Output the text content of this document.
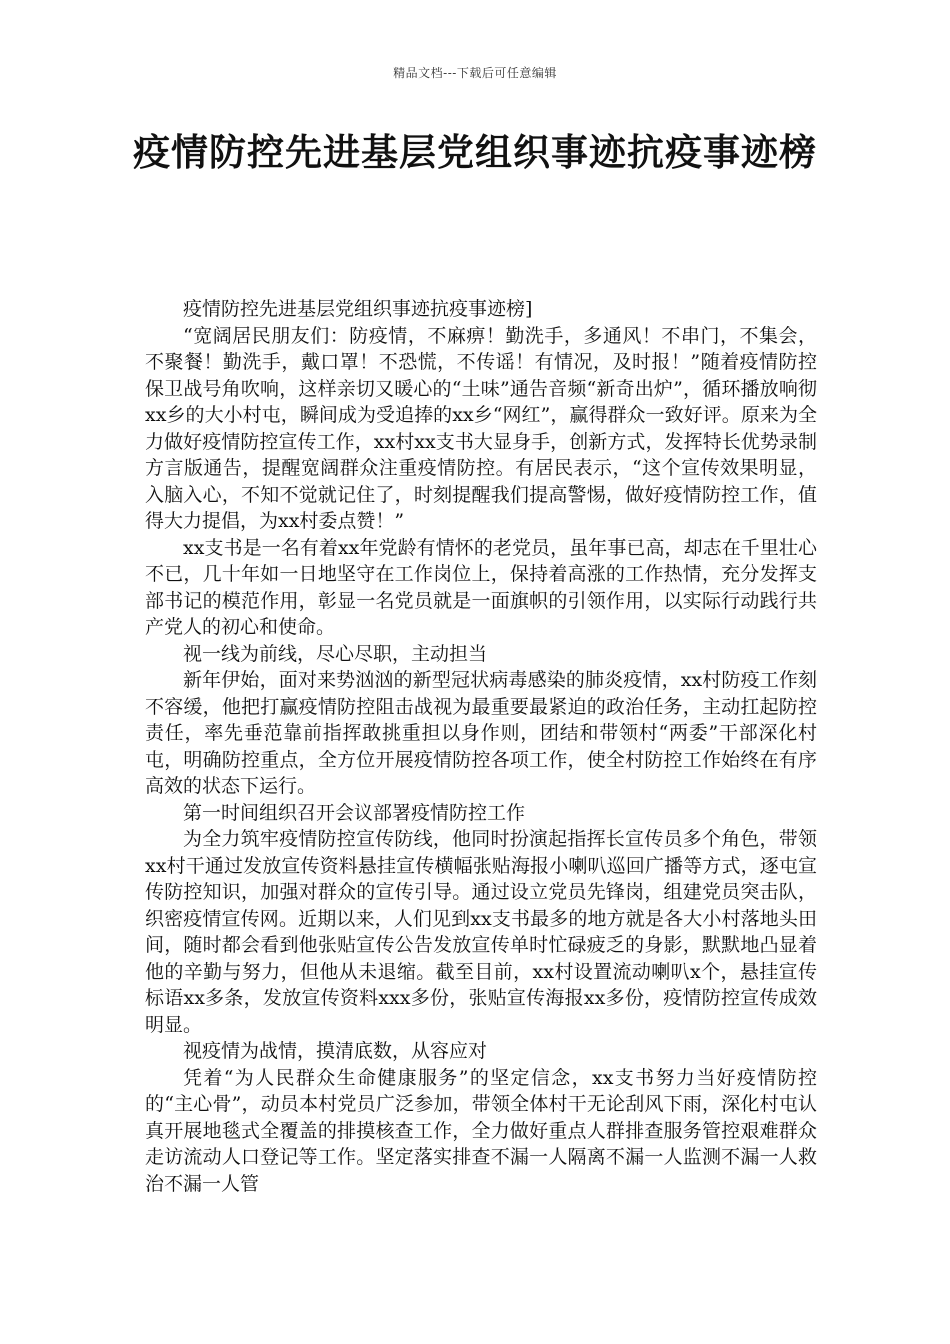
精品文档---下载后可任意编辑
疫情防控先进基层党组织事迹抗疫事迹榜

疫情防控先进基层党组织事迹抗疫事迹榜]

“宽阔居民朋友们：防疫情，不麻痹！勤洗手，多通风！不串门，不集会，不聚餐！勤洗手，戴口罩！不恐慌，不传谣！有情况，及时报！”随着疫情防控保卫战号角吹响，这样亲切又暖心的“土味”通告音频“新奇出炉”，循环播放响彻xx乡的大小村屯，瞬间成为受追捧的xx乡“网红”，赢得群众一致好评。原来为全力做好疫情防控宣传工作，xx村xx支书大显身手，创新方式，发挥特长优势录制方言版通告，提醒宽阔群众注重疫情防控。有居民表示，“这个宣传效果明显，入脑入心，不知不觉就记住了，时刻提醒我们提高警惕，做好疫情防控工作，值得大力提倡，为xx村委点赞！”

xx支书是一名有着xx年党龄有情怀的老党员，虽年事已高，却志在千里壮心不已，几十年如一日地坚守在工作岗位上，保持着高涨的工作热情，充分发挥支部书记的模范作用，彰显一名党员就是一面旗帜的引领作用，以实际行动践行共产党人的初心和使命。

视一线为前线，尽心尽职，主动担当

新年伊始，面对来势汹汹的新型冠状病毒感染的肺炎疫情，xx村防疫工作刻不容缓，他把打赢疫情防控阻击战视为最重要最紧迫的政治任务，主动扛起防控责任，率先垂范靠前指挥敢挑重担以身作则，团结和带领村“两委”干部深化村屯，明确防控重点，全方位开展疫情防控各项工作，使全村防控工作始终在有序高效的状态下运行。

第一时间组织召开会议部署疫情防控工作

为全力筑牢疫情防控宣传防线，他同时扮演起指挥长宣传员多个角色，带领xx村干通过发放宣传资料悬挂宣传横幅张贴海报小喇叭巡回广播等方式，逐屯宣传防控知识，加强对群众的宣传引导。通过设立党员先锋岗，组建党员突击队，织密疫情宣传网。近期以来，人们见到xx支书最多的地方就是各大小村落地头田间，随时都会看到他张贴宣传公告发放宣传单时忙碌疲乏的身影，默默地凸显着他的辛勤与努力，但他从未退缩。截至目前，xx村设置流动喇叭x个，悬挂宣传标语xx多条，发放宣传资料xxx多份，张贴宣传海报xx多份，疫情防控宣传成效明显。

视疫情为战情，摸清底数，从容应对

凭着“为人民群众生命健康服务”的坚定信念，xx支书努力当好疫情防控的“主心骨”，动员本村党员广泛参加，带领全体村干无论刮风下雨，深化村屯认真开展地毯式全覆盖的排摸核查工作，全力做好重点人群排查服务管控艰难群众走访流动人口登记等工作。坚定落实排查不漏一人隔离不漏一人监测不漏一人救治不漏一人管
